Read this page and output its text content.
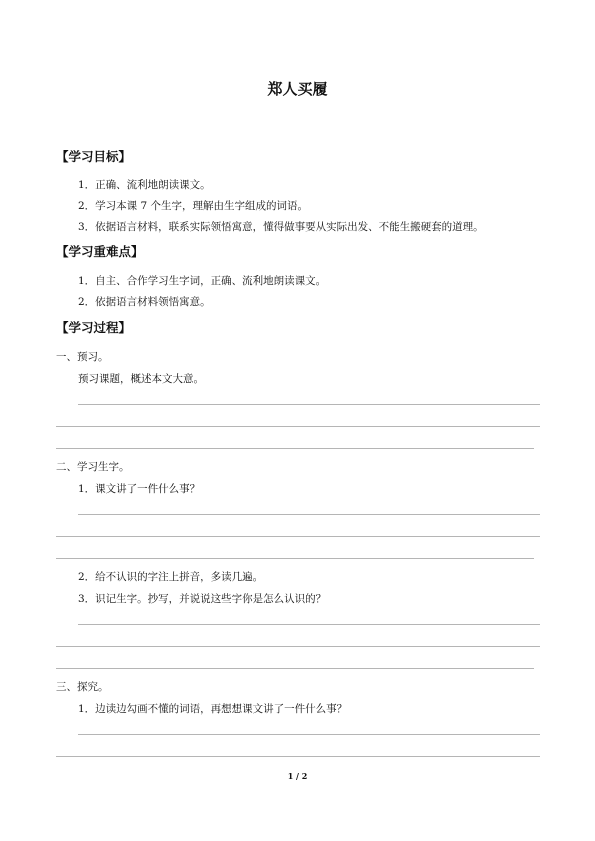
郑人买履
【学习目标】
1．正确、流利地朗读课文。
2．学习本课 7 个生字，理解由生字组成的词语。
3．依据语言材料，联系实际领悟寓意，懂得做事要从实际出发、不能生搬硬套的道理。
【学习重难点】
1．自主、合作学习生字词，正确、流利地朗读课文。
2．依据语言材料领悟寓意。
【学习过程】
一、预习。
预习课题，概述本文大意。
二、学习生字。
1．课文讲了一件什么事？
2．给不认识的字注上拼音，多读几遍。
3．识记生字。抄写，并说说这些字你是怎么认识的？
三、探究。
1．边读边勾画不懂的词语，再想想课文讲了一件什么事？
1 / 2
